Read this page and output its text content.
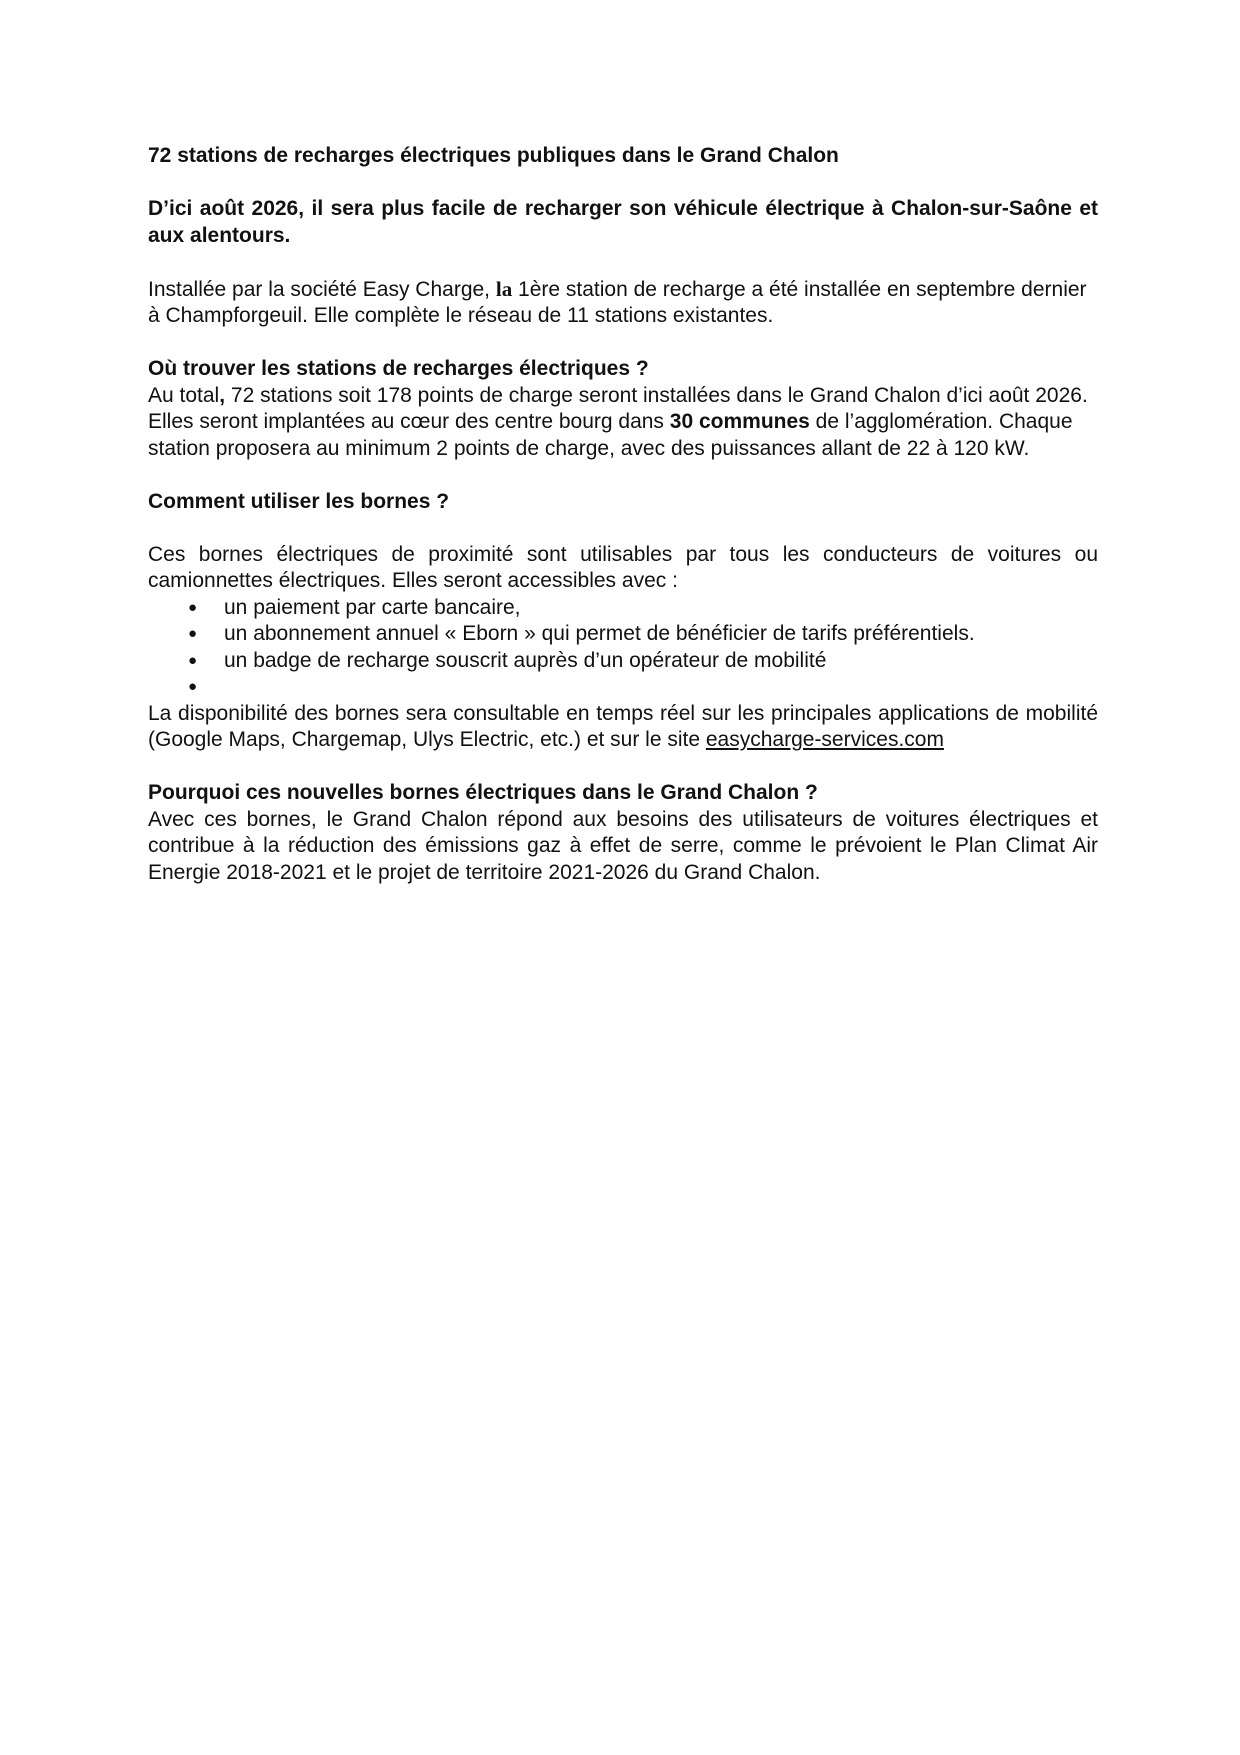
72 stations de recharges électriques publiques dans le Grand Chalon

D’ici août 2026, il sera plus facile de recharger son véhicule électrique à Chalon-sur-Saône et aux alentours.

Installée par la société Easy Charge, la 1ère station de recharge a été installée en septembre dernier à Champforgeuil. Elle complète le réseau de 11 stations existantes.

Où trouver les stations de recharges électriques ?

Au total, 72 stations soit 178 points de charge seront installées dans le Grand Chalon d’ici août 2026. Elles seront implantées au cœur des centre bourg dans 30 communes de l’agglomération. Chaque station proposera au minimum 2 points de charge, avec des puissances allant de 22 à 120 kW.

Comment utiliser les bornes ?

Ces bornes électriques de proximité sont utilisables par tous les conducteurs de voitures ou camionnettes électriques. Elles seront accessibles avec :

● un paiement par carte bancaire,
● un abonnement annuel « Eborn » qui permet de bénéficier de tarifs préférentiels.
● un badge de recharge souscrit auprès d’un opérateur de mobilité
●

La disponibilité des bornes sera consultable en temps réel sur les principales applications de mobilité (Google Maps, Chargemap, Ulys Electric, etc.) et sur le site easycharge-services.com

Pourquoi ces nouvelles bornes électriques dans le Grand Chalon ?

Avec ces bornes, le Grand Chalon répond aux besoins des utilisateurs de voitures électriques et contribue à la réduction des émissions gaz à effet de serre, comme le prévoient le Plan Climat Air Energie 2018-2021 et le projet de territoire 2021-2026 du Grand Chalon.
